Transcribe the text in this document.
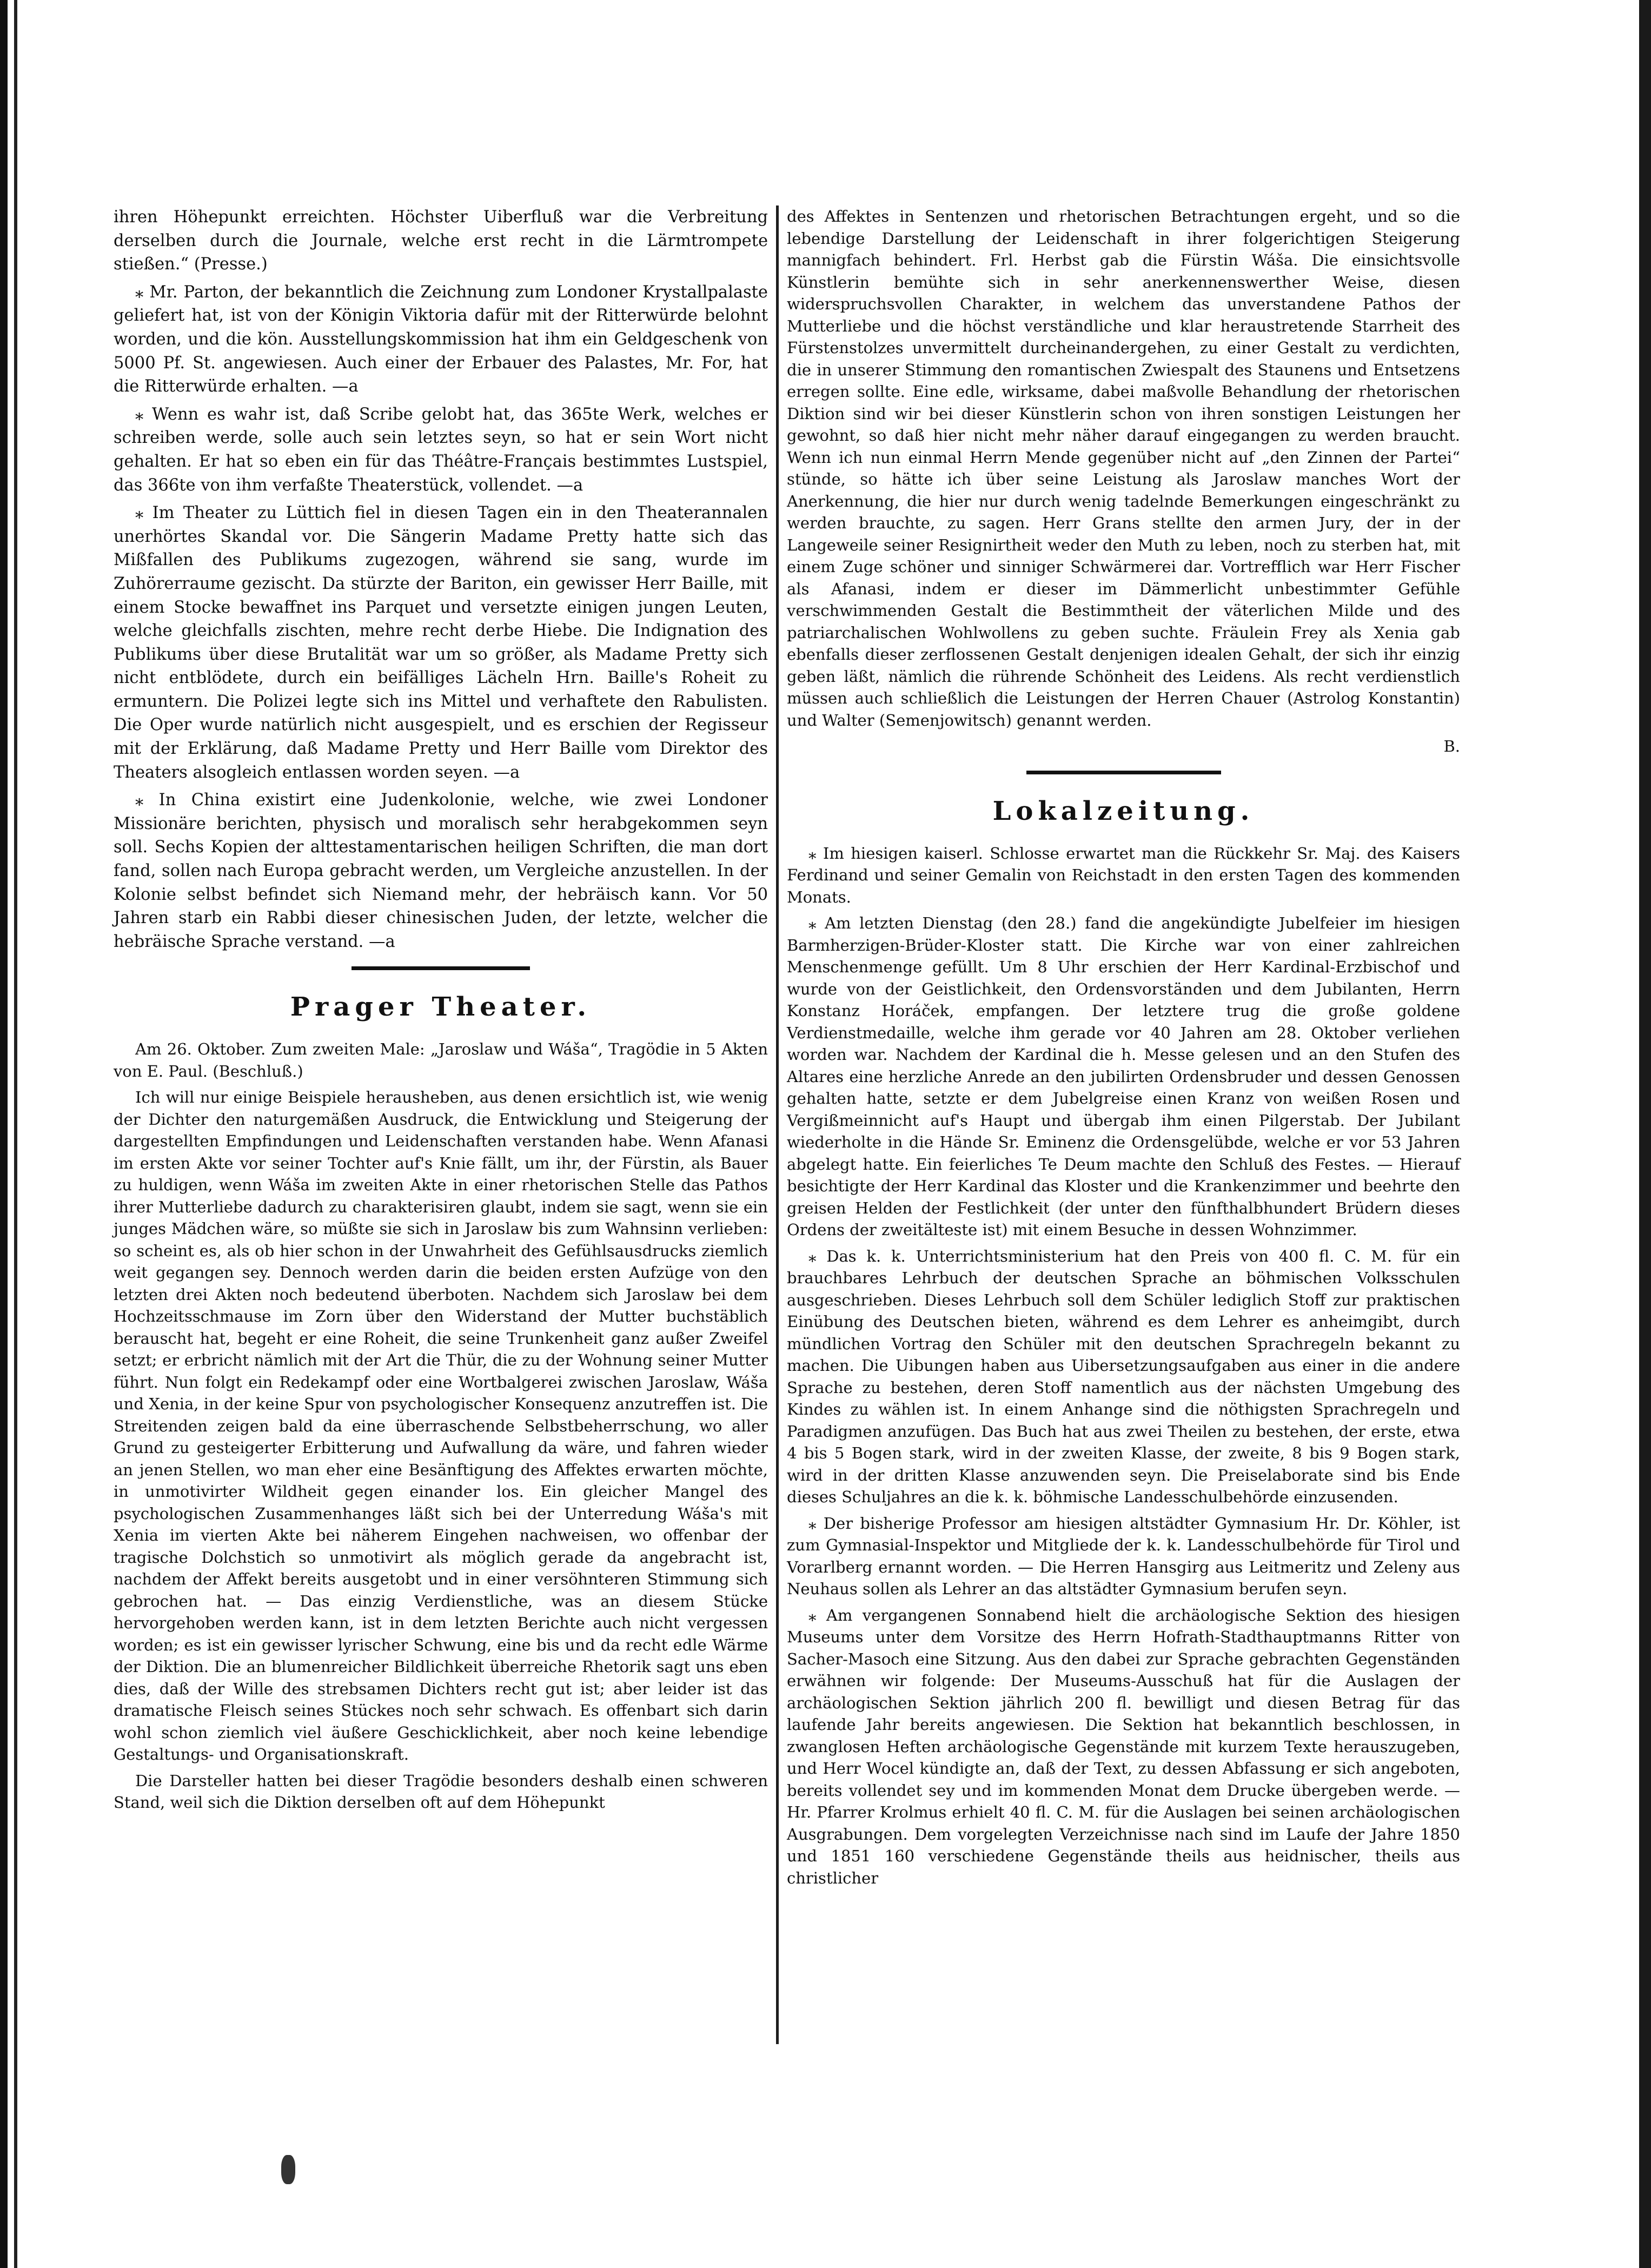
ihren Höhepunkt erreichten. Höchster Uiberfluß war die Verbreitung derselben durch die Journale, welche erst recht in die Lärmtrompete stießen.“ (Presse.)

⁎ Mr. Parton, der bekanntlich die Zeichnung zum Londoner Krystallpalaste geliefert hat, ist von der Königin Viktoria dafür mit der Ritterwürde belohnt worden, und die kön. Ausstellungskommission hat ihm ein Geldgeschenk von 5000 Pf. St. angewiesen. Auch einer der Erbauer des Palastes, Mr. For, hat die Ritterwürde erhalten. —a

⁎ Wenn es wahr ist, daß Scribe gelobt hat, das 365te Werk, welches er schreiben werde, solle auch sein letztes seyn, so hat er sein Wort nicht gehalten. Er hat so eben ein für das Théâtre-Français bestimmtes Lustspiel, das 366te von ihm verfaßte Theaterstück, vollendet. —a

⁎ Im Theater zu Lüttich fiel in diesen Tagen ein in den Theaterannalen unerhörtes Skandal vor. Die Sängerin Madame Pretty hatte sich das Mißfallen des Publikums zugezogen, während sie sang, wurde im Zuhörerraume gezischt. Da stürzte der Bariton, ein gewisser Herr Baille, mit einem Stocke bewaffnet ins Parquet und versetzte einigen jungen Leuten, welche gleichfalls zischten, mehre recht derbe Hiebe. Die Indignation des Publikums über diese Brutalität war um so größer, als Madame Pretty sich nicht entblödete, durch ein beifälliges Lächeln Hrn. Baille's Roheit zu ermuntern. Die Polizei legte sich ins Mittel und verhaftete den Rabulisten. Die Oper wurde natürlich nicht ausgespielt, und es erschien der Regisseur mit der Erklärung, daß Madame Pretty und Herr Baille vom Direktor des Theaters alsogleich entlassen worden seyen. —a

⁎ In China existirt eine Judenkolonie, welche, wie zwei Londoner Missionäre berichten, physisch und moralisch sehr herabgekommen seyn soll. Sechs Kopien der alttestamentarischen heiligen Schriften, die man dort fand, sollen nach Europa gebracht werden, um Vergleiche anzustellen. In der Kolonie selbst befindet sich Niemand mehr, der hebräisch kann. Vor 50 Jahren starb ein Rabbi dieser chinesischen Juden, der letzte, welcher die hebräische Sprache verstand. —a

Prager Theater.

Am 26. Oktober. Zum zweiten Male: „Jaroslaw und Wáša“, Tragödie in 5 Akten von E. Paul. (Beschluß.)

Ich will nur einige Beispiele herausheben, aus denen ersichtlich ist, wie wenig der Dichter den naturgemäßen Ausdruck, die Entwicklung und Steigerung der dargestellten Empfindungen und Leidenschaften verstanden habe. Wenn Afanasi im ersten Akte vor seiner Tochter auf's Knie fällt, um ihr, der Fürstin, als Bauer zu huldigen, wenn Wáša im zweiten Akte in einer rhetorischen Stelle das Pathos ihrer Mutterliebe dadurch zu charakterisiren glaubt, indem sie sagt, wenn sie ein junges Mädchen wäre, so müßte sie sich in Jaroslaw bis zum Wahnsinn verlieben: so scheint es, als ob hier schon in der Unwahrheit des Gefühlsausdrucks ziemlich weit gegangen sey. Dennoch werden darin die beiden ersten Aufzüge von den letzten drei Akten noch bedeutend überboten. Nachdem sich Jaroslaw bei dem Hochzeitsschmause im Zorn über den Widerstand der Mutter buchstäblich berauscht hat, begeht er eine Roheit, die seine Trunkenheit ganz außer Zweifel setzt; er erbricht nämlich mit der Art die Thür, die zu der Wohnung seiner Mutter führt. Nun folgt ein Redekampf oder eine Wortbalgerei zwischen Jaroslaw, Wáša und Xenia, in der keine Spur von psychologischer Konsequenz anzutreffen ist. Die Streitenden zeigen bald da eine überraschende Selbstbeherrschung, wo aller Grund zu gesteigerter Erbitterung und Aufwallung da wäre, und fahren wieder an jenen Stellen, wo man eher eine Besänftigung des Affektes erwarten möchte, in unmotivirter Wildheit gegen einander los. Ein gleicher Mangel des psychologischen Zusammenhanges läßt sich bei der Unterredung Wáša's mit Xenia im vierten Akte bei näherem Eingehen nachweisen, wo offenbar der tragische Dolchstich so unmotivirt als möglich gerade da angebracht ist, nachdem der Affekt bereits ausgetobt und in einer versöhnteren Stimmung sich gebrochen hat. — Das einzig Verdienstliche, was an diesem Stücke hervorgehoben werden kann, ist in dem letzten Berichte auch nicht vergessen worden; es ist ein gewisser lyrischer Schwung, eine bis und da recht edle Wärme der Diktion. Die an blumenreicher Bildlichkeit überreiche Rhetorik sagt uns eben dies, daß der Wille des strebsamen Dichters recht gut ist; aber leider ist das dramatische Fleisch seines Stückes noch sehr schwach. Es offenbart sich darin wohl schon ziemlich viel äußere Geschicklichkeit, aber noch keine lebendige Gestaltungs- und Organisationskraft.

Die Darsteller hatten bei dieser Tragödie besonders deshalb einen schweren Stand, weil sich die Diktion derselben oft auf dem Höhepunkt

des Affektes in Sentenzen und rhetorischen Betrachtungen ergeht, und so die lebendige Darstellung der Leidenschaft in ihrer folgerichtigen Steigerung mannigfach behindert. Frl. Herbst gab die Fürstin Wáša. Die einsichtsvolle Künstlerin bemühte sich in sehr anerkennenswerther Weise, diesen widerspruchsvollen Charakter, in welchem das unverstandene Pathos der Mutterliebe und die höchst verständliche und klar heraustretende Starrheit des Fürstenstolzes unvermittelt durcheinandergehen, zu einer Gestalt zu verdichten, die in unserer Stimmung den romantischen Zwiespalt des Staunens und Entsetzens erregen sollte. Eine edle, wirksame, dabei maßvolle Behandlung der rhetorischen Diktion sind wir bei dieser Künstlerin schon von ihren sonstigen Leistungen her gewohnt, so daß hier nicht mehr näher darauf eingegangen zu werden braucht. Wenn ich nun einmal Herrn Mende gegenüber nicht auf „den Zinnen der Partei“ stünde, so hätte ich über seine Leistung als Jaroslaw manches Wort der Anerkennung, die hier nur durch wenig tadelnde Bemerkungen eingeschränkt zu werden brauchte, zu sagen. Herr Grans stellte den armen Jury, der in der Langeweile seiner Resignirtheit weder den Muth zu leben, noch zu sterben hat, mit einem Zuge schöner und sinniger Schwärmerei dar. Vortrefflich war Herr Fischer als Afanasi, indem er dieser im Dämmerlicht unbestimmter Gefühle verschwimmenden Gestalt die Bestimmtheit der väterlichen Milde und des patriarchalischen Wohlwollens zu geben suchte. Fräulein Frey als Xenia gab ebenfalls dieser zerflossenen Gestalt denjenigen idealen Gehalt, der sich ihr einzig geben läßt, nämlich die rührende Schönheit des Leidens. Als recht verdienstlich müssen auch schließlich die Leistungen der Herren Chauer (Astrolog Konstantin) und Walter (Semenjowitsch) genannt werden.

B.
Lokalzeitung.

⁎ Im hiesigen kaiserl. Schlosse erwartet man die Rückkehr Sr. Maj. des Kaisers Ferdinand und seiner Gemalin von Reichstadt in den ersten Tagen des kommenden Monats.

⁎ Am letzten Dienstag (den 28.) fand die angekündigte Jubelfeier im hiesigen Barmherzigen-Brüder-Kloster statt. Die Kirche war von einer zahlreichen Menschenmenge gefüllt. Um 8 Uhr erschien der Herr Kardinal-Erzbischof und wurde von der Geistlichkeit, den Ordensvorständen und dem Jubilanten, Herrn Konstanz Horáček, empfangen. Der letztere trug die große goldene Verdienstmedaille, welche ihm gerade vor 40 Jahren am 28. Oktober verliehen worden war. Nachdem der Kardinal die h. Messe gelesen und an den Stufen des Altares eine herzliche Anrede an den jubilirten Ordensbruder und dessen Genossen gehalten hatte, setzte er dem Jubelgreise einen Kranz von weißen Rosen und Vergißmeinnicht auf's Haupt und übergab ihm einen Pilgerstab. Der Jubilant wiederholte in die Hände Sr. Eminenz die Ordensgelübde, welche er vor 53 Jahren abgelegt hatte. Ein feierliches Te Deum machte den Schluß des Festes. — Hierauf besichtigte der Herr Kardinal das Kloster und die Krankenzimmer und beehrte den greisen Helden der Festlichkeit (der unter den fünfthalbhundert Brüdern dieses Ordens der zweitälteste ist) mit einem Besuche in dessen Wohnzimmer.

⁎ Das k. k. Unterrichtsministerium hat den Preis von 400 fl. C. M. für ein brauchbares Lehrbuch der deutschen Sprache an böhmischen Volksschulen ausgeschrieben. Dieses Lehrbuch soll dem Schüler lediglich Stoff zur praktischen Einübung des Deutschen bieten, während es dem Lehrer es anheimgibt, durch mündlichen Vortrag den Schüler mit den deutschen Sprachregeln bekannt zu machen. Die Uibungen haben aus Uibersetzungsaufgaben aus einer in die andere Sprache zu bestehen, deren Stoff namentlich aus der nächsten Umgebung des Kindes zu wählen ist. In einem Anhange sind die nöthigsten Sprachregeln und Paradigmen anzufügen. Das Buch hat aus zwei Theilen zu bestehen, der erste, etwa 4 bis 5 Bogen stark, wird in der zweiten Klasse, der zweite, 8 bis 9 Bogen stark, wird in der dritten Klasse anzuwenden seyn. Die Preiselaborate sind bis Ende dieses Schuljahres an die k. k. böhmische Landesschulbehörde einzusenden.

⁎ Der bisherige Professor am hiesigen altstädter Gymnasium Hr. Dr. Köhler, ist zum Gymnasial-Inspektor und Mitgliede der k. k. Landesschulbehörde für Tirol und Vorarlberg ernannt worden. — Die Herren Hansgirg aus Leitmeritz und Zeleny aus Neuhaus sollen als Lehrer an das altstädter Gymnasium berufen seyn.

⁎ Am vergangenen Sonnabend hielt die archäologische Sektion des hiesigen Museums unter dem Vorsitze des Herrn Hofrath-Stadthauptmanns Ritter von Sacher-Masoch eine Sitzung. Aus den dabei zur Sprache gebrachten Gegenständen erwähnen wir folgende: Der Museums-Ausschuß hat für die Auslagen der archäologischen Sektion jährlich 200 fl. bewilligt und diesen Betrag für das laufende Jahr bereits angewiesen. Die Sektion hat bekanntlich beschlossen, in zwanglosen Heften archäologische Gegenstände mit kurzem Texte herauszugeben, und Herr Wocel kündigte an, daß der Text, zu dessen Abfassung er sich angeboten, bereits vollendet sey und im kommenden Monat dem Drucke übergeben werde. — Hr. Pfarrer Krolmus erhielt 40 fl. C. M. für die Auslagen bei seinen archäologischen Ausgrabungen. Dem vorgelegten Verzeichnisse nach sind im Laufe der Jahre 1850 und 1851 160 verschiedene Gegenstände theils aus heidnischer, theils aus christlicher
